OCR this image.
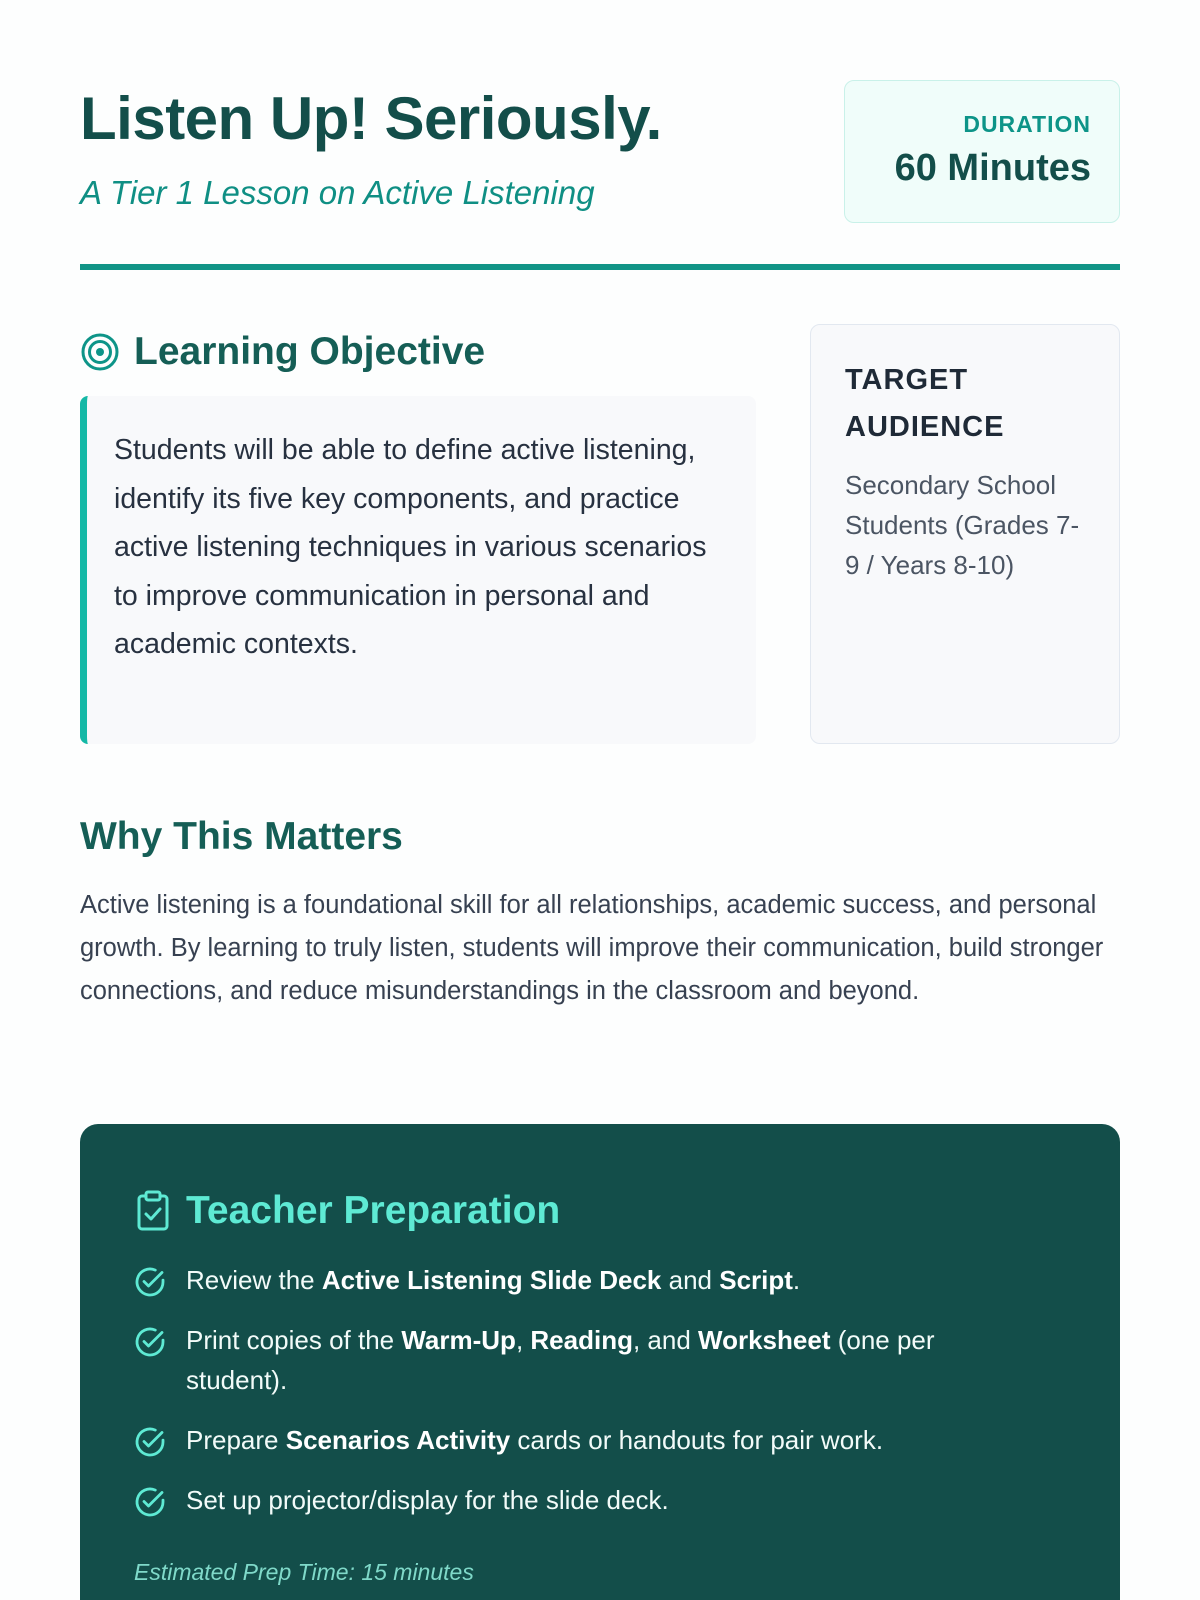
Listen Up! Seriously.
A Tier 1 Lesson on Active Listening
DURATION
60 Minutes
Learning Objective

Students will be able to define active listening, identify its five key components, and practice active listening techniques in various scenarios to improve communication in personal and academic contexts.

TARGET AUDIENCE
Secondary School Students (Grades 7-9 / Years 8-10)
Why This Matters

Active listening is a foundational skill for all relationships, academic success, and personal growth. By learning to truly listen, students will improve their communication, build stronger connections, and reduce misunderstandings in the classroom and beyond.

Teacher Preparation
Review the Active Listening Slide Deck and Script.
Print copies of the Warm-Up, Reading, and Worksheet (one per student).
Prepare Scenarios Activity cards or handouts for pair work.
Set up projector/display for the slide deck.
Estimated Prep Time: 15 minutes
